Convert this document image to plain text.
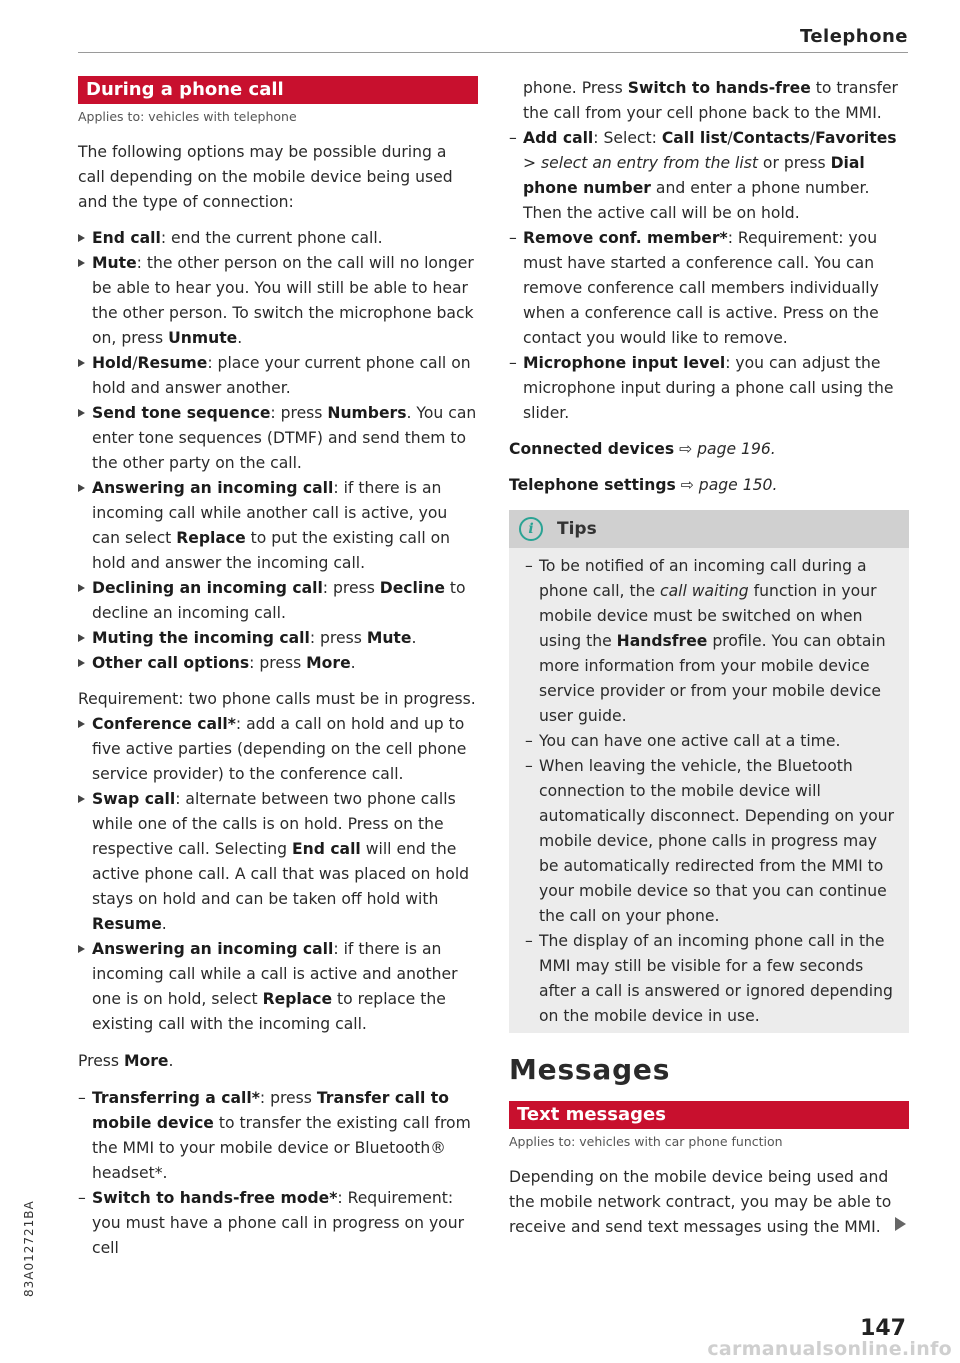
Telephone
During a phone call

Applies to: vehicles with telephone

The following options may be possible during a call depending on the mobile device being used and the type of connection:

End call: end the current phone call.
Mute: the other person on the call will no longer be able to hear you. You will still be able to hear the other person. To switch the microphone back on, press Unmute.
Hold/Resume: place your current phone call on hold and answer another.
Send tone sequence: press Numbers. You can enter tone sequences (DTMF) and send them to the other party on the call.
Answering an incoming call: if there is an incoming call while another call is active, you can select Replace to put the existing call on hold and answer the incoming call.
Declining an incoming call: press Decline to decline an incoming call.
Muting the incoming call: press Mute.
Other call options: press More.

Requirement: two phone calls must be in progress.

Conference call*: add a call on hold and up to five active parties (depending on the cell phone service provider) to the conference call.
Swap call: alternate between two phone calls while one of the calls is on hold. Press on the respective call. Selecting End call will end the active phone call. A call that was placed on hold stays on hold and can be taken off hold with Resume.
Answering an incoming call: if there is an incoming call while a call is active and another one is on hold, select Replace to replace the existing call with the incoming call.

Press More.

– Transferring a call*: press Transfer call to mobile device to transfer the existing call from the MMI to your mobile device or Bluetooth® headset*.
– Switch to hands-free mode*: Requirement: you must have a phone call in progress on your cell
phone. Press Switch to hands-free to transfer the call from your cell phone back to the MMI.
– Add call: Select: Call list/Contacts/Favorites > select an entry from the list or press Dial phone number and enter a phone number. Then the active call will be on hold.
– Remove conf. member*: Requirement: you must have started a conference call. You can remove conference call members individually when a conference call is active. Press on the contact you would like to remove.
– Microphone input level: you can adjust the microphone input during a phone call using the slider.

Connected devices ⇨ page 196.

Telephone settings ⇨ page 150.

i	Tips
– To be notified of an incoming call during a phone call, the call waiting function in your mobile device must be switched on when using the Handsfree profile. You can obtain more information from your mobile device service provider or from your mobile device user guide.
– You can have one active call at a time.
– When leaving the vehicle, the Bluetooth connection to the mobile device will automatically disconnect. Depending on your mobile device, phone calls in progress may be automatically redirected from the MMI to your mobile device so that you can continue the call on your phone.
– The display of an incoming phone call in the MMI may still be visible for a few seconds after a call is answered or ignored depending on the mobile device in use.
Messages
Text messages

Applies to: vehicles with car phone function

Depending on the mobile device being used and the mobile network contract, you may be able to receive and send text messages using the MMI.

83A012721BA
147
carmanualsonline.info
